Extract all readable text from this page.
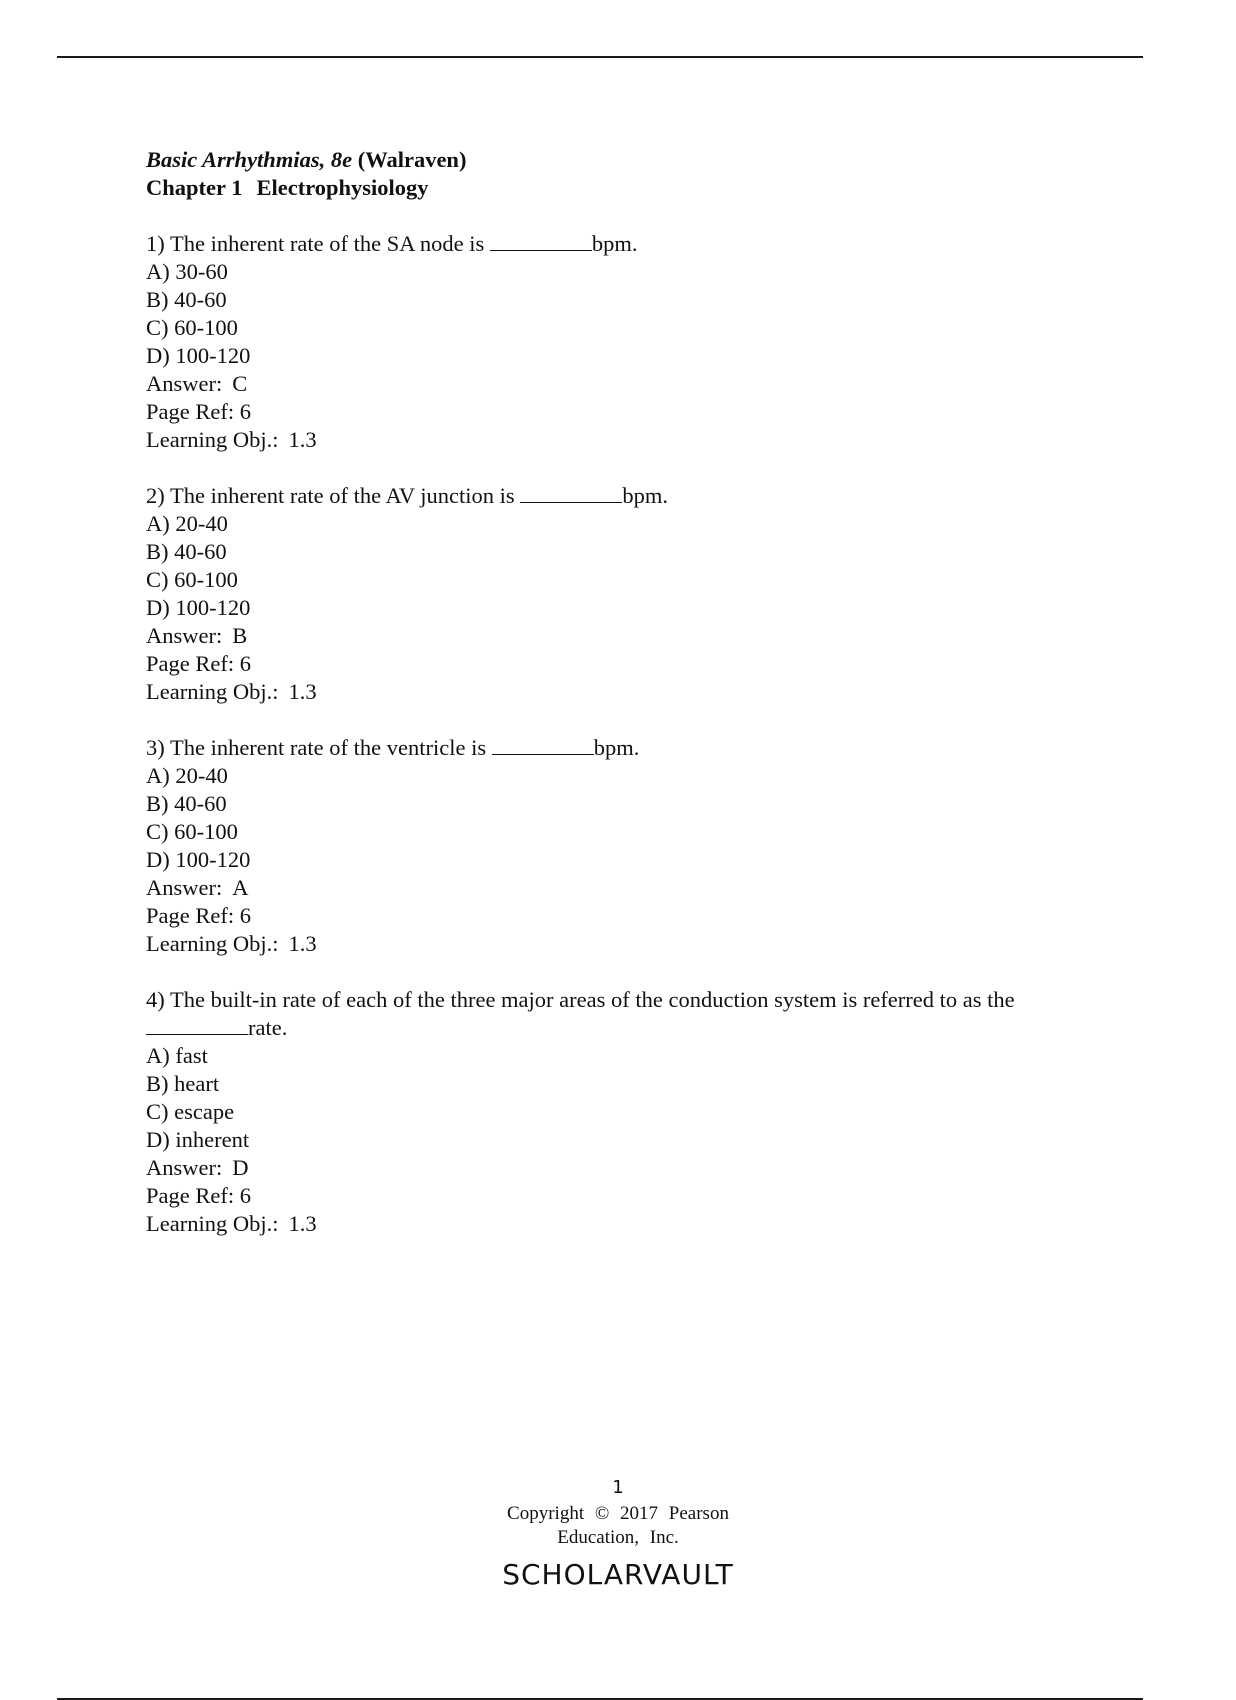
Basic Arrhythmias, 8e (Walraven)
Chapter 1 Electrophysiology
1) The inherent rate of the SA node is	bpm.
A) 30-60
B) 40-60
C) 60-100
D) 100-120
Answer: C
Page Ref: 6
Learning Obj.: 1.3
2) The inherent rate of the AV junction is	bpm.
A) 20-40
B) 40-60
C) 60-100
D) 100-120
Answer: B
Page Ref: 6
Learning Obj.: 1.3
3) The inherent rate of the ventricle is	bpm.
A) 20-40
B) 40-60
C) 60-100
D) 100-120
Answer: A
Page Ref: 6
Learning Obj.: 1.3
4) The built-in rate of each of the three major areas of the conduction system is referred to as the
rate.
A) fast
B) heart
C) escape
D) inherent
Answer: D
Page Ref: 6
Learning Obj.: 1.3
1
Copyright © 2017 Pearson
Education, Inc.
SCHOLARVAULT
